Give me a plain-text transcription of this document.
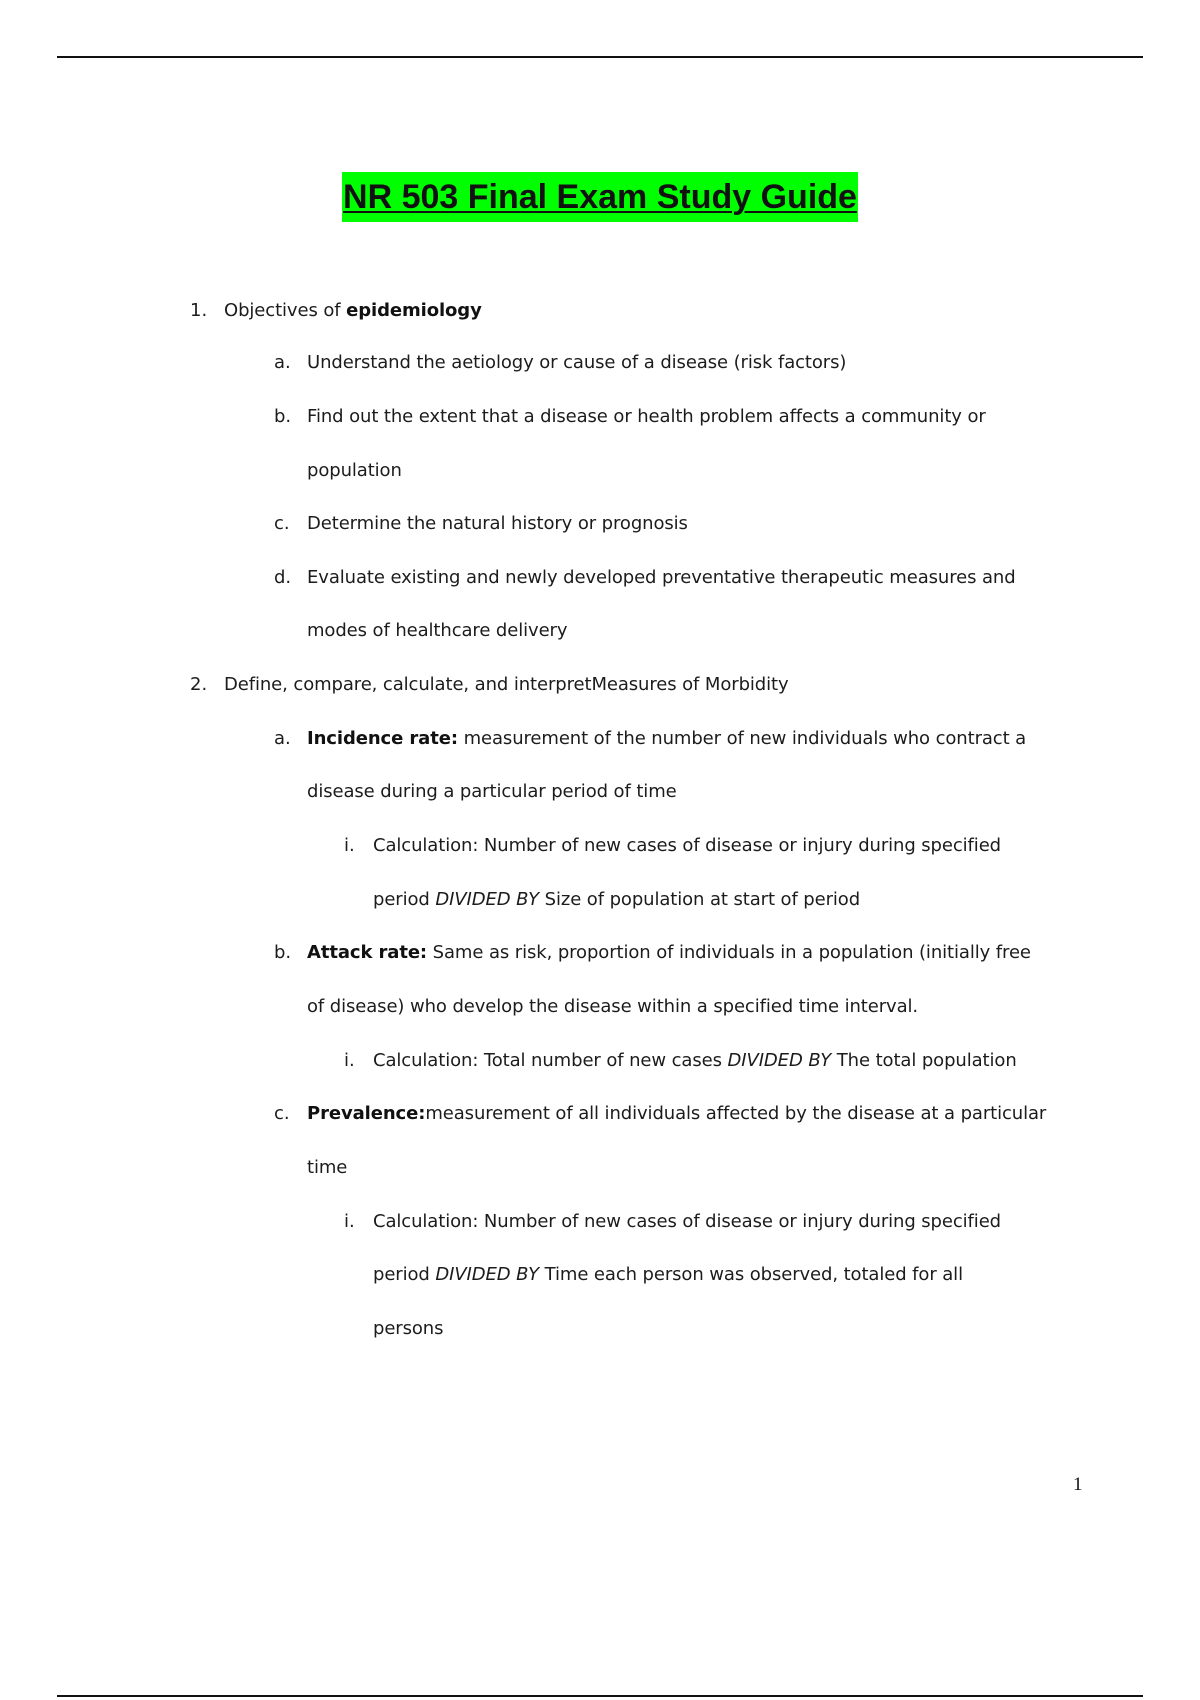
NR 503 Final Exam Study Guide
1. Objectives of epidemiology
a. Understand the aetiology or cause of a disease (risk factors)
b. Find out the extent that a disease or health problem affects a community or
population
c. Determine the natural history or prognosis
d. Evaluate existing and newly developed preventative therapeutic measures and
modes of healthcare delivery
2. Define, compare, calculate, and interpretMeasures of Morbidity
a. Incidence rate: measurement of the number of new individuals who contract a
disease during a particular period of time
i. Calculation: Number of new cases of disease or injury during specified
period DIVIDED BY Size of population at start of period
b. Attack rate: Same as risk, proportion of individuals in a population (initially free
of disease) who develop the disease within a specified time interval.
i. Calculation: Total number of new cases DIVIDED BY The total population
c. Prevalence:measurement of all individuals affected by the disease at a particular
time
i. Calculation: Number of new cases of disease or injury during specified
period DIVIDED BY Time each person was observed, totaled for all
persons
1
